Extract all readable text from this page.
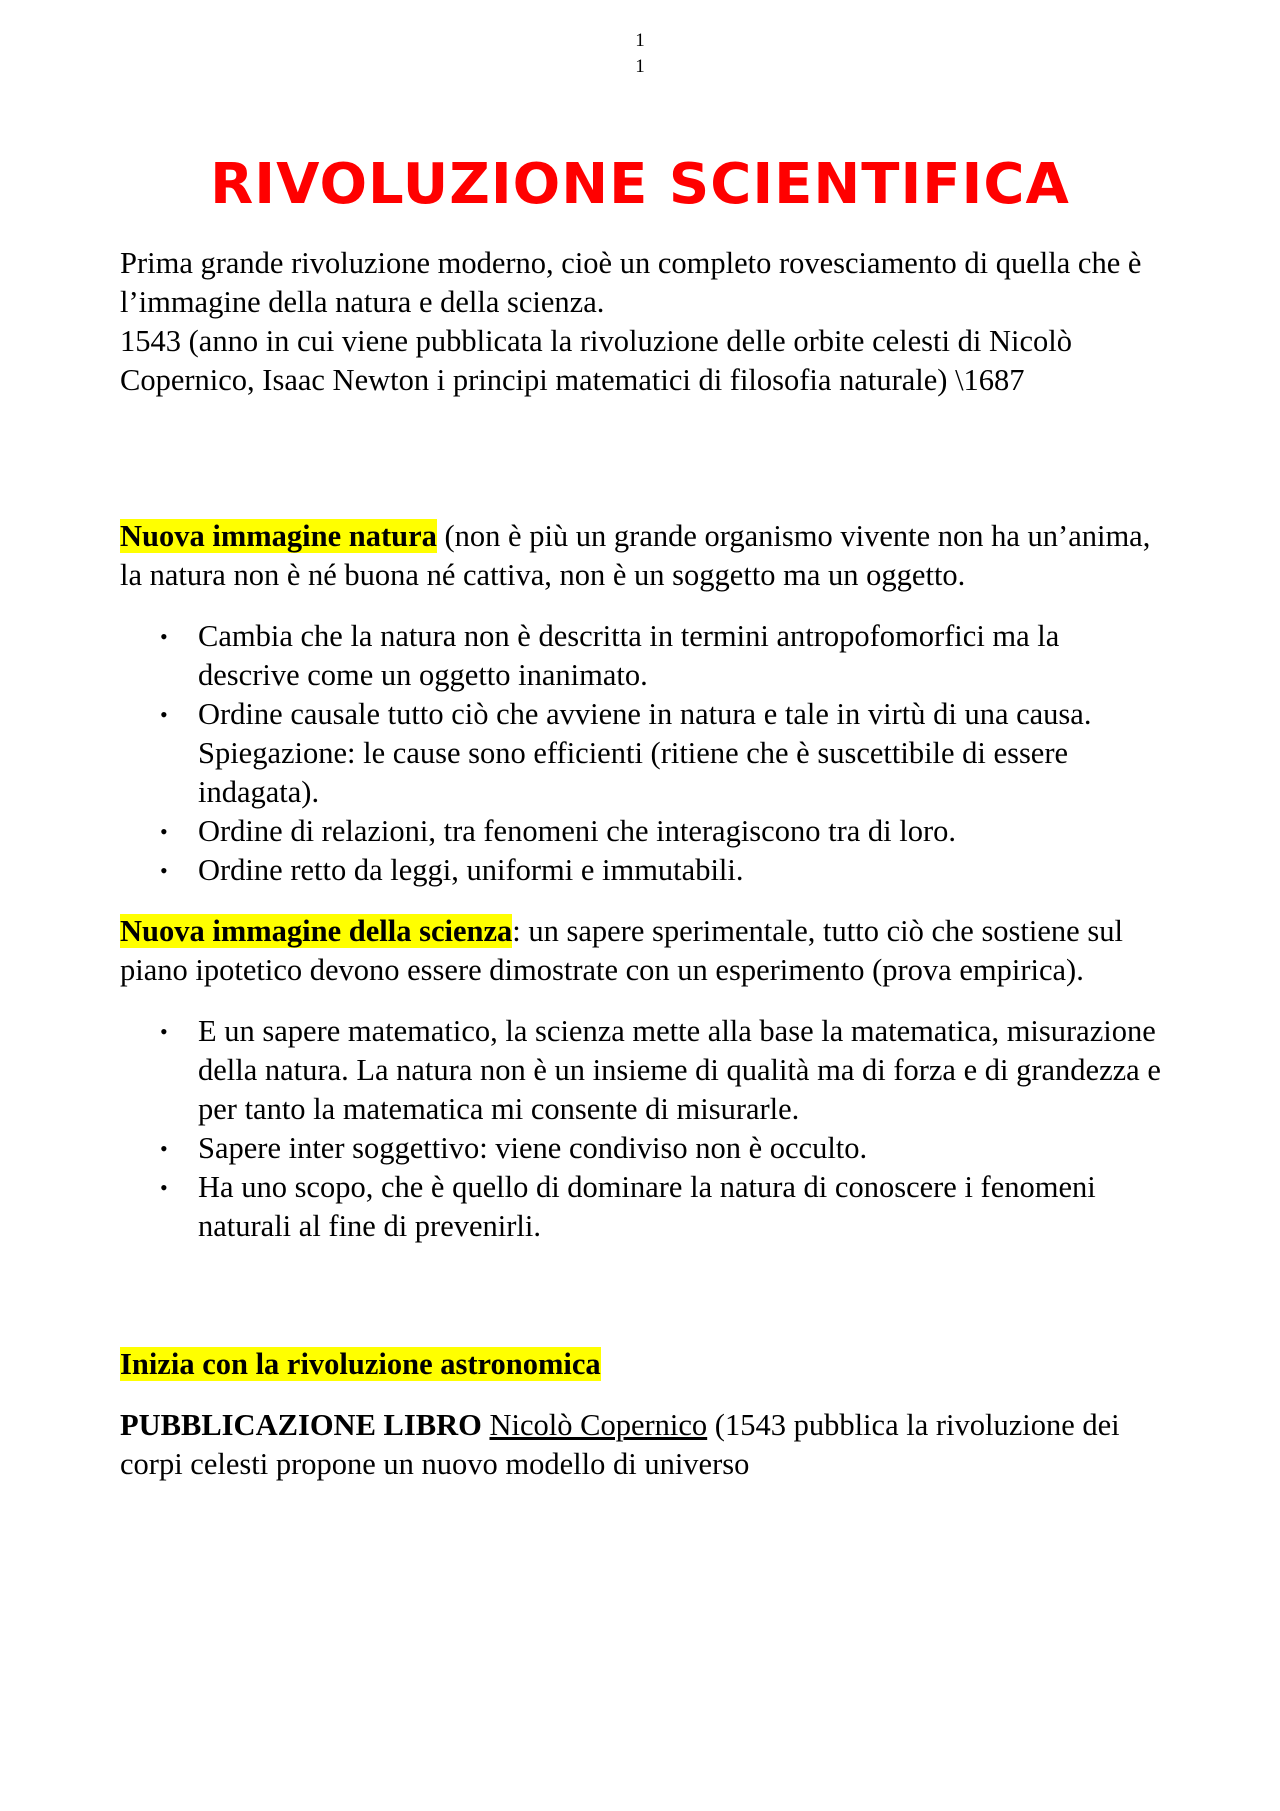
1
1
RIVOLUZIONE SCIENTIFICA

Prima grande rivoluzione moderno, cioè un completo rovesciamento di quella che è l’immagine della natura e della scienza.

1543 (anno in cui viene pubblicata la rivoluzione delle orbite celesti di Nicolò Copernico, Isaac Newton i principi matematici di filosofia naturale) \1687

Nuova immagine natura (non è più un grande organismo vivente non ha un’anima, la natura non è né buona né cattiva, non è un soggetto ma un oggetto.

• Cambia che la natura non è descritta in termini antropofomorfici ma la descrive come un oggetto inanimato.
• Ordine causale tutto ciò che avviene in natura e tale in virtù di una causa. Spiegazione: le cause sono efficienti (ritiene che è suscettibile di essere indagata).
• Ordine di relazioni, tra fenomeni che interagiscono tra di loro.
• Ordine retto da leggi, uniformi e immutabili.

Nuova immagine della scienza: un sapere sperimentale, tutto ciò che sostiene sul piano ipotetico devono essere dimostrate con un esperimento (prova empirica).

• E un sapere matematico, la scienza mette alla base la matematica, misurazione della natura. La natura non è un insieme di qualità ma di forza e di grandezza e per tanto la matematica mi consente di misurarle.
• Sapere inter soggettivo: viene condiviso non è occulto.
• Ha uno scopo, che è quello di dominare la natura di conoscere i fenomeni naturali al fine di prevenirli.

Inizia con la rivoluzione astronomica

PUBBLICAZIONE LIBRO Nicolò Copernico (1543 pubblica la rivoluzione dei corpi celesti propone un nuovo modello di universo
